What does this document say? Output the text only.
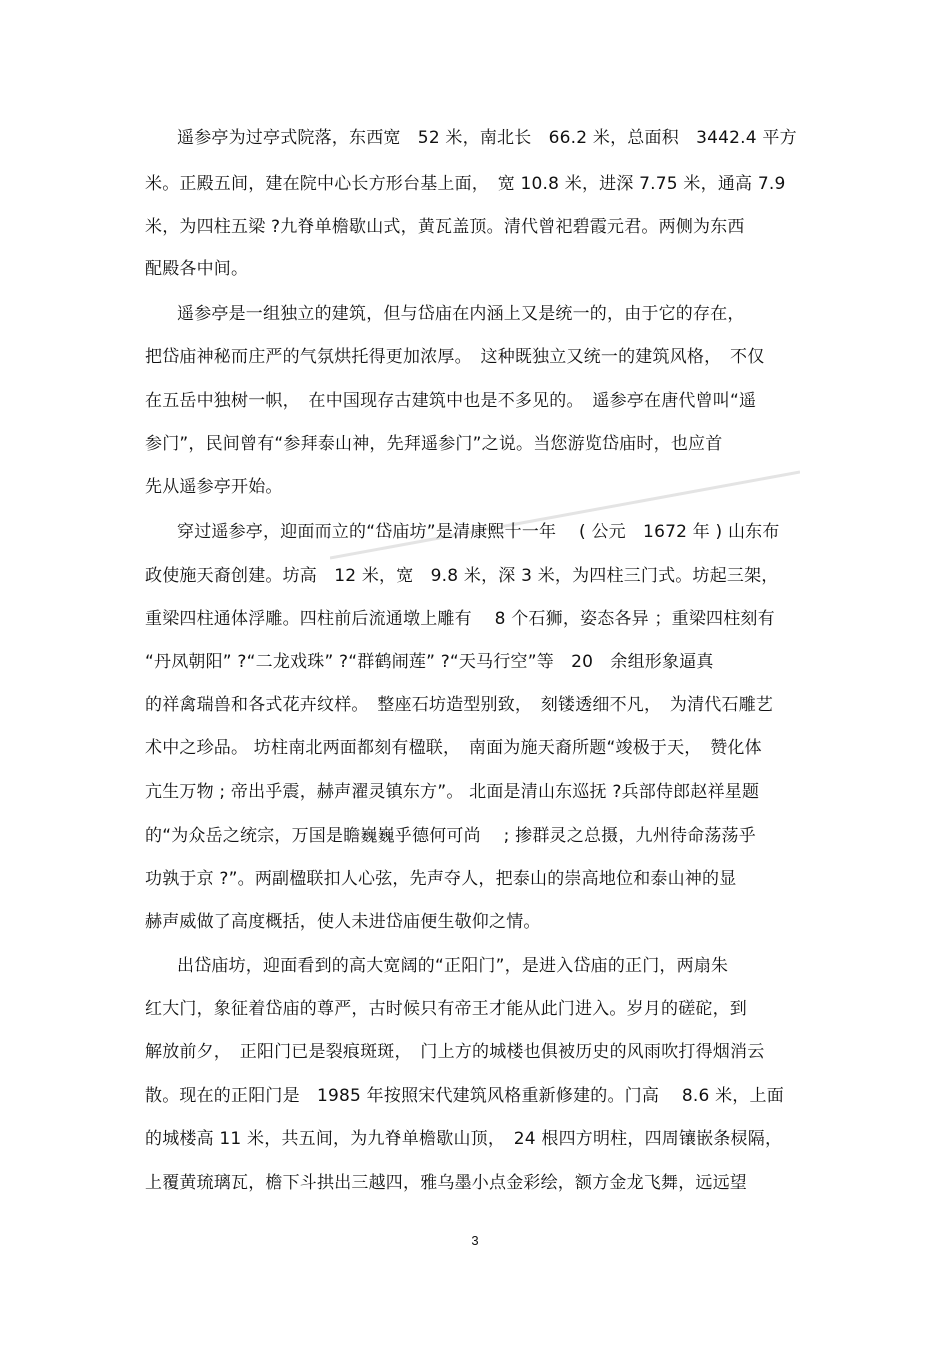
遥参亭为过亭式院落，东西宽　52 米，南北长　66.2 米，总面积　3442.4 平方
米。正殿五间，建在院中心长方形台基上面，　宽 10.8 米，进深 7.75 米，通高 7.9
米，为四柱五梁 ?九脊单檐歇山式，黄瓦盖顶。清代曾祀碧霞元君。两侧为东西
配殿各中间。
遥参亭是一组独立的建筑，但与岱庙在内涵上又是统一的，由于它的存在，
把岱庙神秘而庄严的气氛烘托得更加浓厚。　这种既独立又统一的建筑风格，　不仅
在五岳中独树一帜，　在中国现存古建筑中也是不多见的。　遥参亭在唐代曾叫“遥
参门”，民间曾有“参拜泰山神，先拜遥参门”之说。当您游览岱庙时，也应首
先从遥参亭开始。
穿过遥参亭，迎面而立的“岱庙坊”是清康熙十一年　 ( 公元　1672 年 ) 山东布
政使施天裔创建。坊高　12 米，宽　9.8 米，深 3 米，为四柱三门式。坊起三架，
重梁四柱通体浮雕。四柱前后流通墩上雕有　 8 个石狮，姿态各异 ；重梁四柱刻有
“丹凤朝阳” ?“二龙戏珠” ?“群鹤闹莲” ?“天马行空”等　20　余组形象逼真
的祥禽瑞兽和各式花卉纹样。　整座石坊造型别致，　刻镂透细不凡，　为清代石雕艺
术中之珍品。 坊柱南北两面都刻有楹联，　南面为施天裔所题“竣极于天，　赞化体
亢生万物 ; 帝出乎震，赫声濯灵镇东方”。 北面是清山东巡抚 ?兵部侍郎赵祥星题
的“为众岳之统宗，万国是瞻巍巍乎德何可尚　 ; 掺群灵之总摄，九州待命荡荡乎
功孰于京 ?”。两副楹联扣人心弦，先声夺人，把泰山的崇高地位和泰山神的显
赫声威做了高度概括，使人未进岱庙便生敬仰之情。
出岱庙坊，迎面看到的高大宽阔的“正阳门”，是进入岱庙的正门，两扇朱
红大门，象征着岱庙的尊严，古时候只有帝王才能从此门进入。岁月的磋砣，到
解放前夕，　正阳门已是裂痕斑斑，　门上方的城楼也俱被历史的风雨吹打得烟消云
散。现在的正阳门是　1985 年按照宋代建筑风格重新修建的。门高　 8.6 米，上面
的城楼高 11 米，共五间，为九脊单檐歇山顶，　24 根四方明柱，四周镶嵌条棂隔，
上覆黄琉璃瓦，檐下斗拱出三越四，雅乌墨小点金彩绘，额方金龙飞舞，远远望
3
